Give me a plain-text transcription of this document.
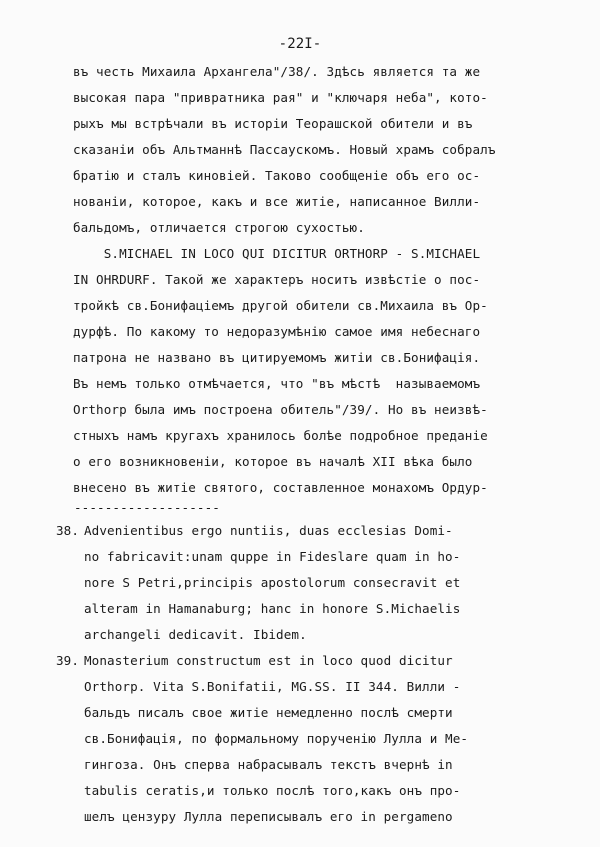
-22I-
въ честь Михаила Архангела"/38/. Здѣсь является та же
высокая пара "привратника рая" и "ключаря неба", кото-
рыхъ мы встрѣчали въ исторіи Теорашской обители и въ
сказаніи объ Альтманнѣ Пассаускомъ. Новый храмъ собралъ
братію и сталъ киновіей. Таково сообщеніе объ его ос-
нованіи, которое, какъ и все житіе, написанное Вилли-
бальдомъ, отличается строгою сухостью.
S.MICHAEL IN LOCO QUI DICITUR ORTHORP - S.MICHAEL
IN OHRDURF. Такой же характеръ носитъ извѣстіе о пос-
тройкѣ св.Бонифаціемъ другой обители св.Михаила въ Ор-
дурфѣ. По какому то недоразумѣнію самое имя небеснаго
патрона не названо въ цитируемомъ житіи св.Бонифація.
Въ немъ только отмѣчается, что "въ мѣстѣ  называемомъ
Orthorp была имъ построена обитель"/39/. Но въ неизвѣ-
стныхъ намъ кругахъ хранилось болѣе подробное преданіе
о его возникновеніи, которое въ началѣ XII вѣка было
внесено въ житіе святого, составленное монахомъ Ордур-
-------------------
38. Advenientibus ergo nuntiis, duas ecclesias Domi-
no fabricavit:unam quppe in Fideslare quam in ho-
nore S Petri,principis apostolorum consecravit et
alteram in Hamanaburg; hanc in honore S.Michaelis
archangeli dedicavit. Ibidem.
39. Monasterium constructum est in loco quod dicitur
Orthorp. Vita S.Bonifatii, MG.SS. II 344. Вилли -
бальдъ писалъ свое житіе немедленно послѣ смерти
св.Бонифація, по формальному порученію Лулла и Ме-
гингоза. Онъ сперва набрасывалъ текстъ вчернѣ in
tabulis ceratis,и только послѣ того,какъ онъ про-
шелъ цензуру Лулла переписывалъ его in pergameno
